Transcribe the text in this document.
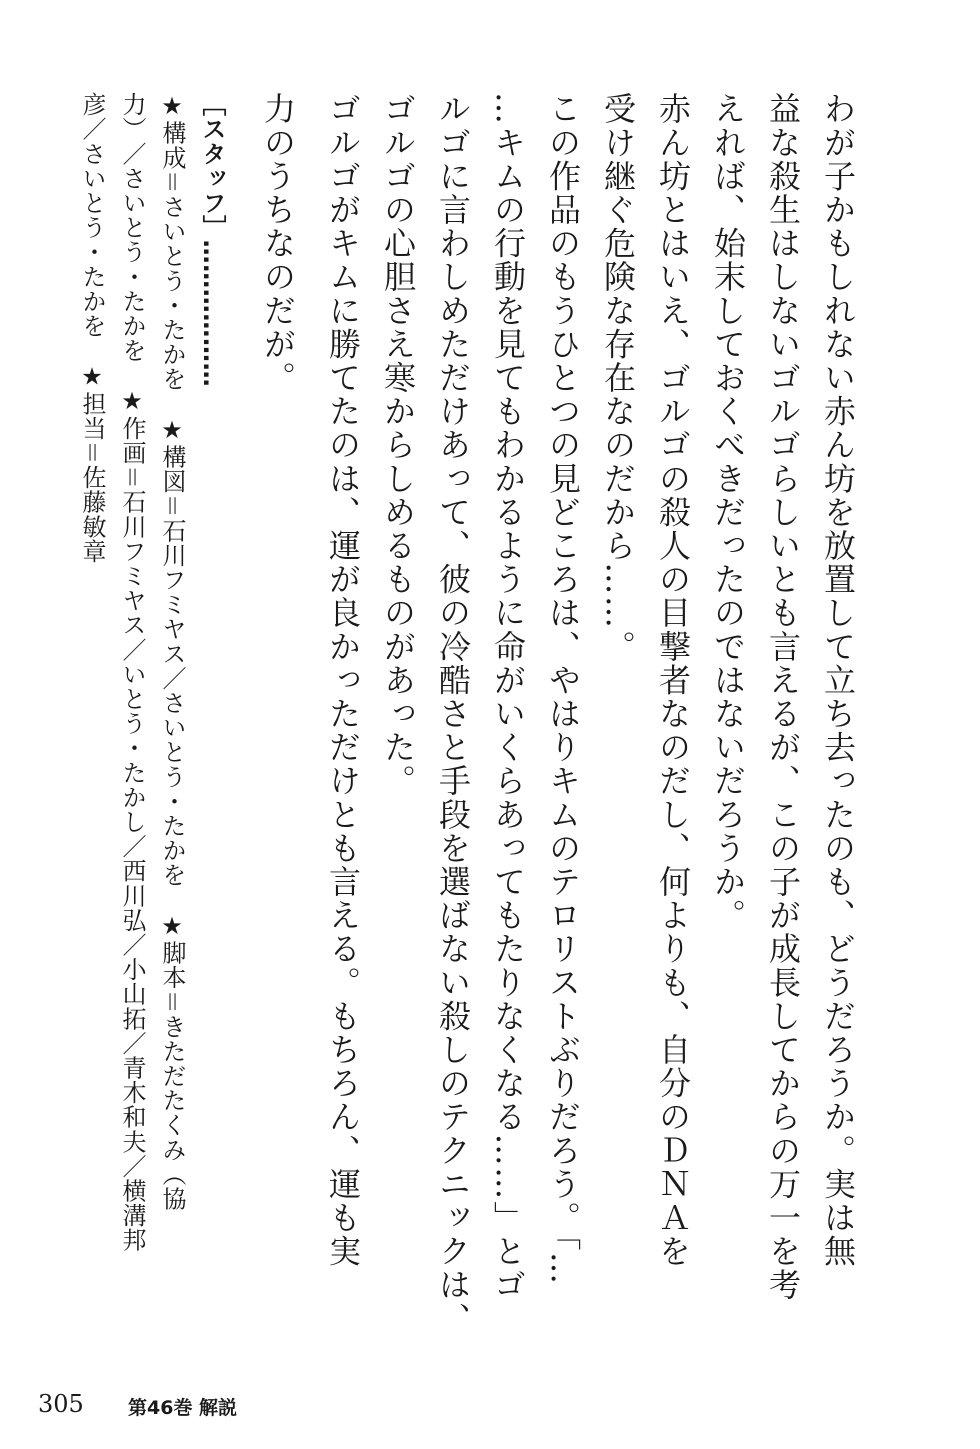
わが子かもしれない赤ん坊を放置して立ち去ったのも、どうだろうか。実は無
益な殺生はしないゴルゴらしいとも言えるが、この子が成長してからの万一を考
えれば、始末しておくべきだったのではないだろうか。
赤ん坊とはいえ、ゴルゴの殺人の目撃者なのだし、何よりも、自分のＤＮＡを
受け継ぐ危険な存在なのだから……。
この作品のもうひとつの見どころは、やはりキムのテロリストぶりだろう。「…
…キムの行動を見てもわかるように命がいくらあってもたりなくなる……」とゴ
ルゴに言わしめただけあって、彼の冷酷さと手段を選ばない殺しのテクニックは、
ゴルゴの心胆さえ寒からしめるものがあった。
ゴルゴがキムに勝てたのは、運が良かっただけとも言える。もちろん、運も実
力のうちなのだが。
［スタッフ］………………
★構成＝さいとう・たかを　★構図＝石川フミヤス／さいとう・たかを　★脚本＝きただたくみ（協
力）／さいとう・たかを　★作画＝石川フミヤス／いとう・たかし／西川弘／小山拓／青木和夫／横溝邦
彦／さいとう・たかを　★担当＝佐藤敏章
305 第46巻 解説
